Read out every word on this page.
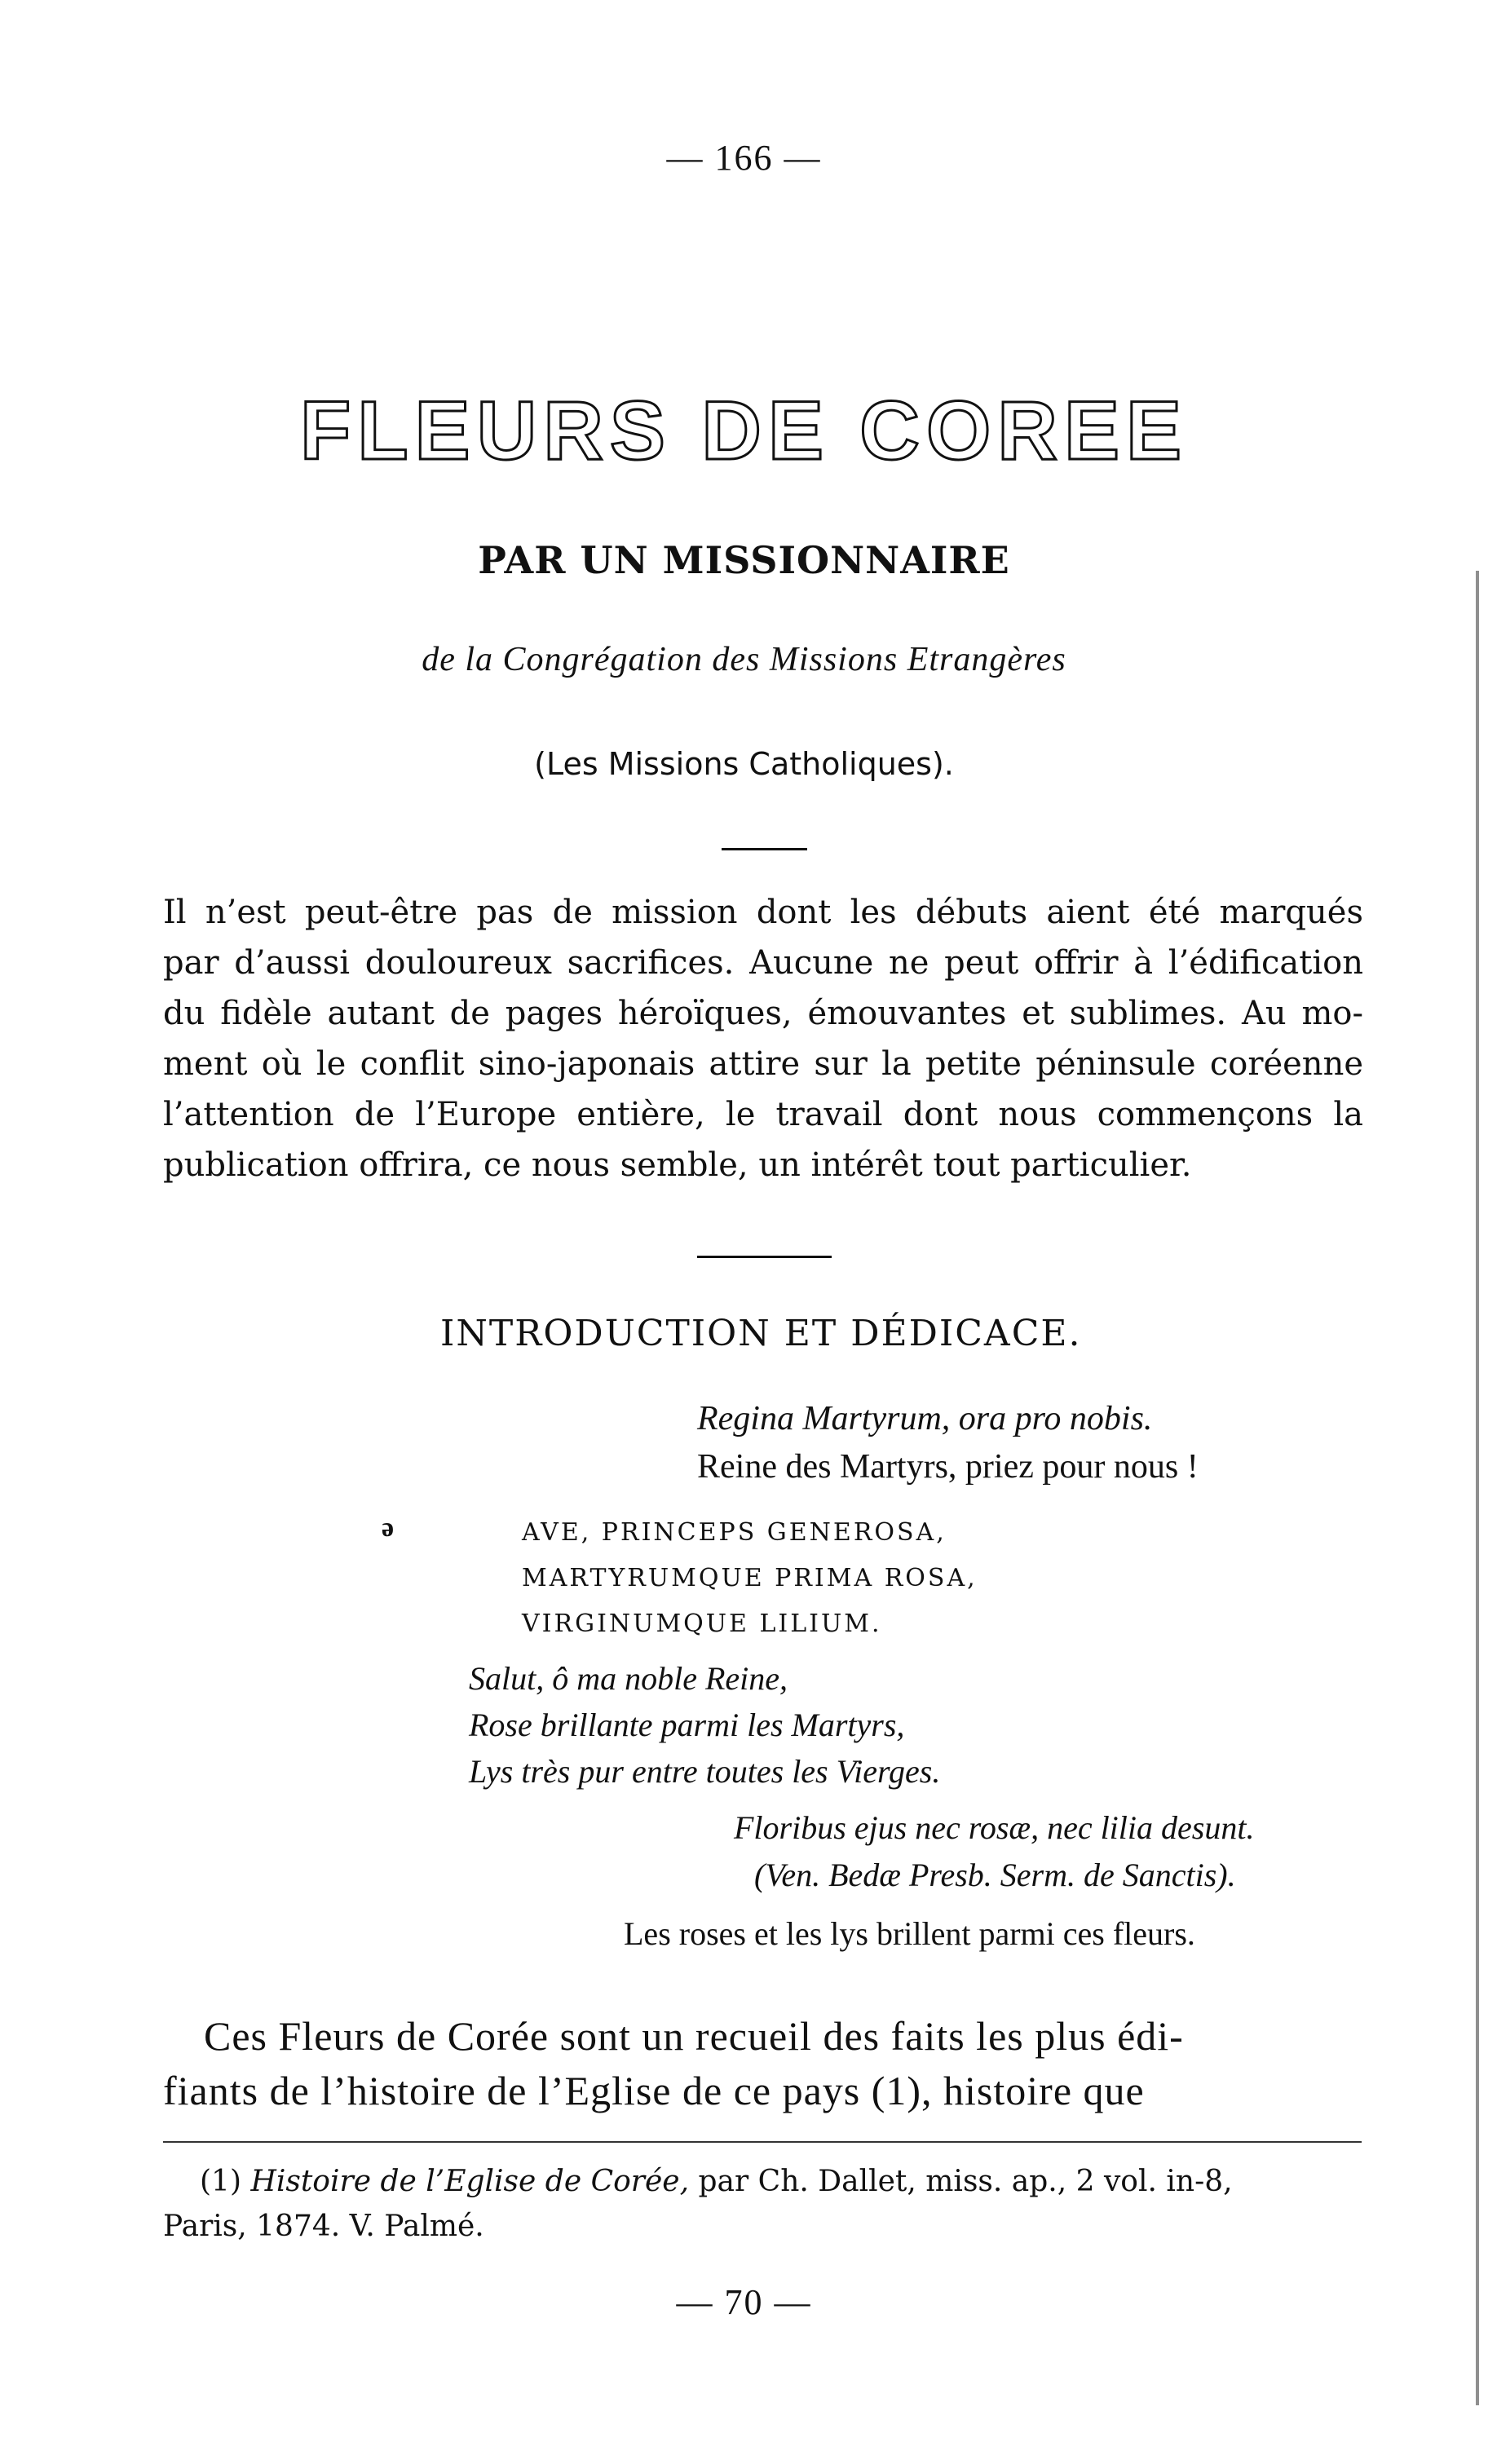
— 166 —
FLEURS DE COREE
PAR UN MISSIONNAIRE
de la Congrégation des Missions Etrangères
(Les Missions Catholiques).
Il n’est peut-être pas de mission dont les débuts aient été marqués
par d’aussi douloureux sacrifices. Aucune ne peut offrir à l’édification
du fidèle autant de pages héroïques, émouvantes et sublimes. Au mo-
ment où le conflit sino-japonais attire sur la petite péninsule coréenne
l’attention de l’Europe entière, le travail dont nous commençons la
publication offrira, ce nous semble, un intérêt tout particulier.
INTRODUCTION ET DÉDICACE.
Regina Martyrum, ora pro nobis.
Reine des Martyrs, priez pour nous !
ə	AVE, PRINCEPS GENEROSA,
MARTYRUMQUE PRIMA ROSA,
VIRGINUMQUE LILIUM.
Salut, ô ma noble Reine,
Rose brillante parmi les Martyrs,
Lys très pur entre toutes les Vierges.
Floribus ejus nec rosæ, nec lilia desunt.
(Ven. Bedæ Presb. Serm. de Sanctis).
Les roses et les lys brillent parmi ces fleurs.
Ces Fleurs de Corée sont un recueil des faits les plus édi-
fiants de l’histoire de l’Eglise de ce pays (1), histoire que
(1) Histoire de l’Eglise de Corée, par Ch. Dallet, miss. ap., 2 vol. in-8,
Paris, 1874. V. Palmé.
— 70 —
